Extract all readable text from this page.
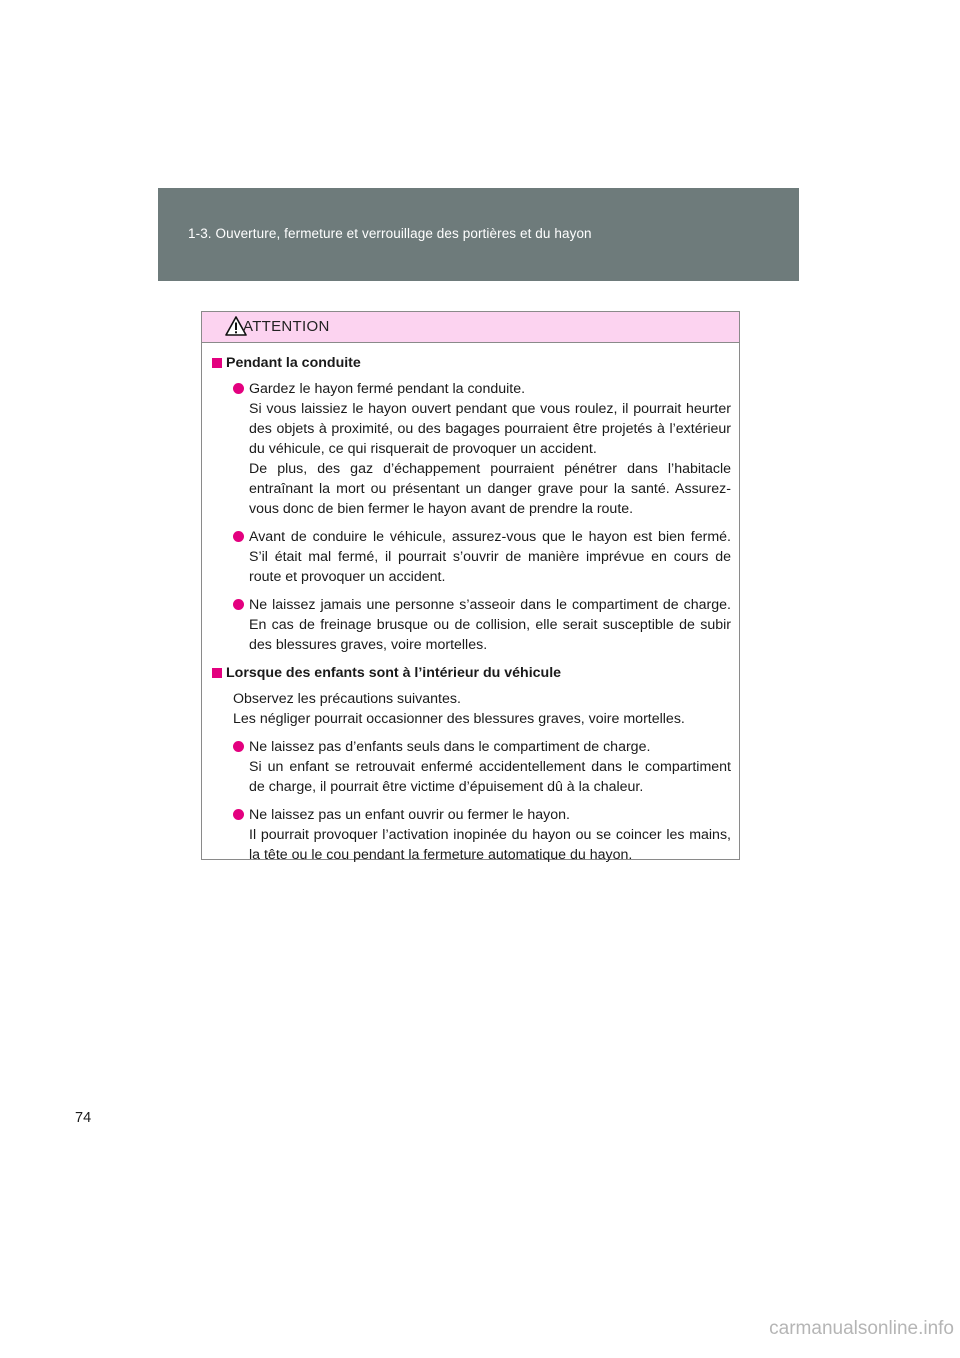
1-3. Ouverture, fermeture et verrouillage des portières et du hayon
ATTENTION
Pendant la conduite
Gardez le hayon fermé pendant la conduite.
Si vous laissiez le hayon ouvert pendant que vous roulez, il pourrait heurter des objets à proximité, ou des bagages pourraient être projetés à l’extérieur du véhicule, ce qui risquerait de provoquer un accident.
De plus, des gaz d’échappement pourraient pénétrer dans l’habitacle entraînant la mort ou présentant un danger grave pour la santé. Assurez-vous donc de bien fermer le hayon avant de prendre la route.
Avant de conduire le véhicule, assurez-vous que le hayon est bien fermé. S’il était mal fermé, il pourrait s’ouvrir de manière imprévue en cours de route et provoquer un accident.
Ne laissez jamais une personne s’asseoir dans le compartiment de charge. En cas de freinage brusque ou de collision, elle serait susceptible de subir des blessures graves, voire mortelles.
Lorsque des enfants sont à l’intérieur du véhicule
Observez les précautions suivantes.
Les négliger pourrait occasionner des blessures graves, voire mortelles.
Ne laissez pas d’enfants seuls dans le compartiment de charge.
Si un enfant se retrouvait enfermé accidentellement dans le compartiment de charge, il pourrait être victime d’épuisement dû à la chaleur.
Ne laissez pas un enfant ouvrir ou fermer le hayon.
Il pourrait provoquer l’activation inopinée du hayon ou se coincer les mains, la tête ou le cou pendant la fermeture automatique du hayon.
74
carmanualsonline.info
